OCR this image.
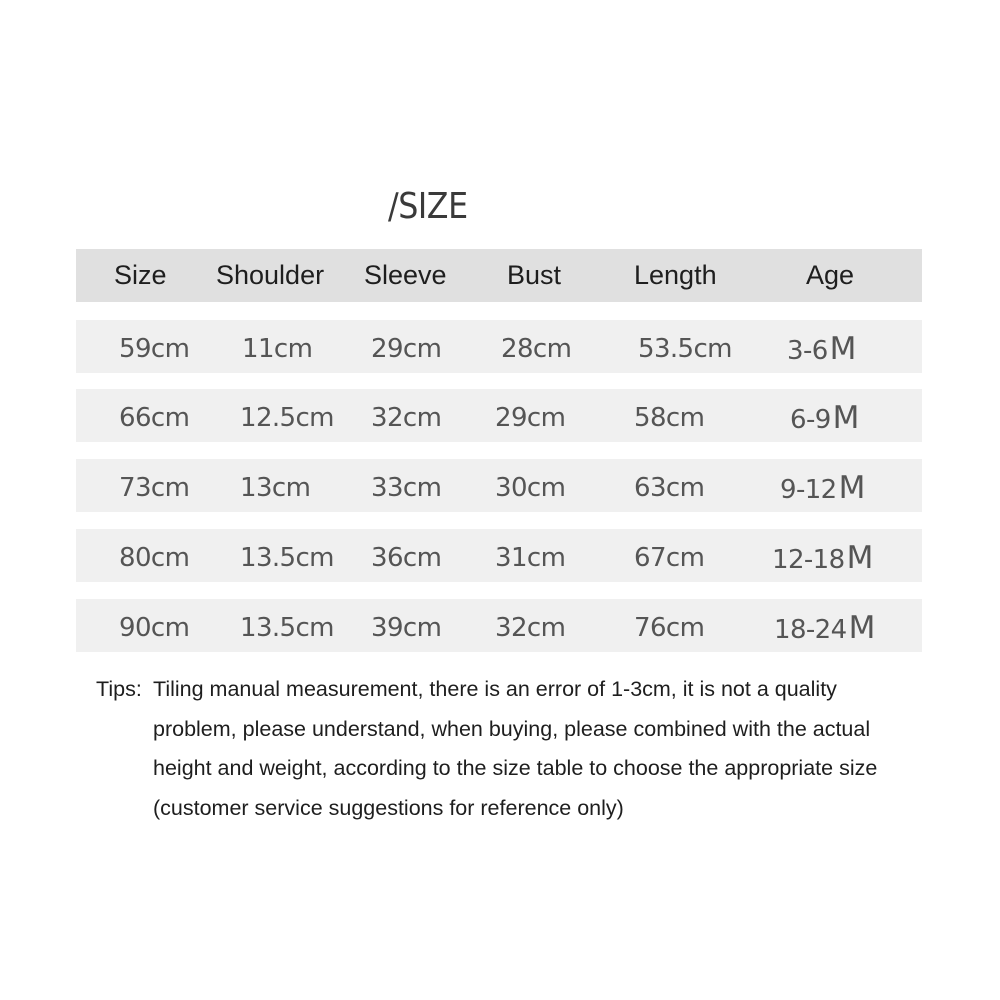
/SIZE
Size Shoulder Sleeve Bust	Length	Age
59cm 11cm 29cm 28cm	53.5cm 3-6M
66cm 12.5cm 32cm 29cm	58cm	6-9M
73cm 13cm 33cm 30cm	63cm	9-12M
80cm 13.5cm 36cm 31cm	67cm	12-18M
90cm 13.5cm 39cm 32cm	76cm	18-24M
Tips: Tiling manual measurement, there is an error of 1-3cm, it is not a quality
problem, please understand, when buying, please combined with the actual
height and weight, according to the size table to choose the appropriate size
(customer service suggestions for reference only)
